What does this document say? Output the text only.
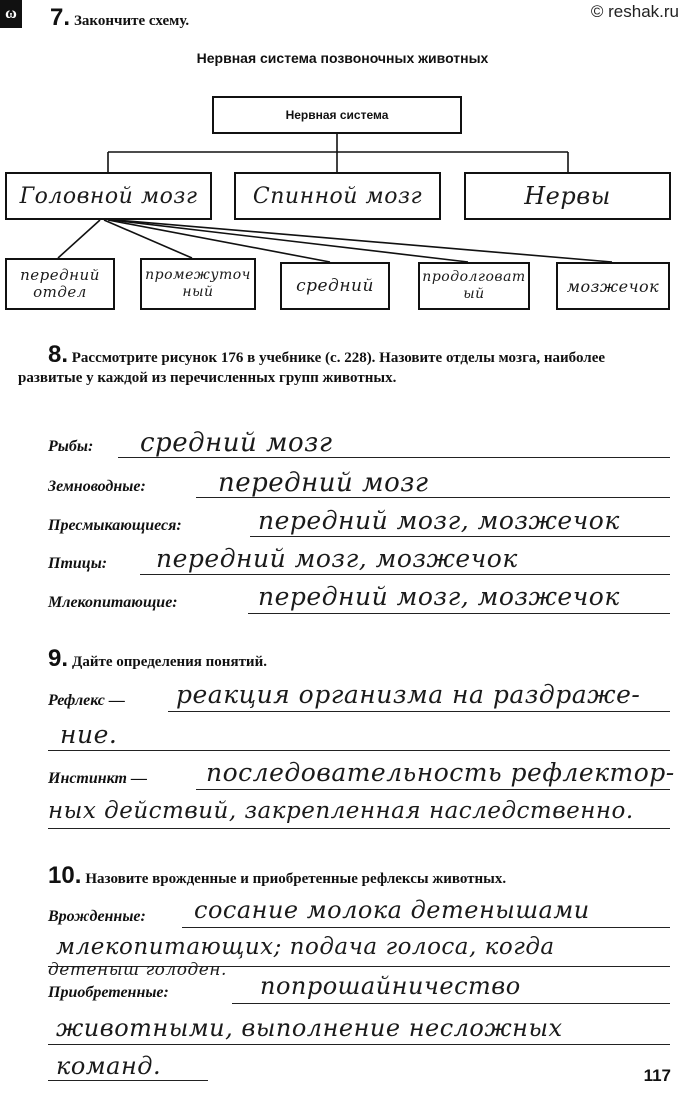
ω	© reshak.ru
7. Закончите схему.
Нервная система позвоночных животных
Нервная система
Головной мозг	Спинной мозг	Нервы
передний отдел
промежуточный	средний	продолговатый	мозжечок
8. Рассмотрите рисунок 176 в учебнике (с. 228). Назовите отделы мозга, наиболее развитые у каждой из перечисленных групп животных.
Рыбы: средний мозг
Земноводные:	передний мозг
Пресмыкающиеся:	передний мозг, мозжечок
Птицы: передний мозг, мозжечок
Млекопитающие:	передний мозг, мозжечок
9. Дайте определения понятий.
Рефлекс — реакция организма на раздраже-
ние.
Инстинкт — последовательность рефлектор-
ных действий, закрепленная наследственно.
10. Назовите врожденные и приобретенные рефлексы животных.
Врожденные: сосание молока детенышами
млекопитающих; подача голоса, когда
детеныш голоден.
Приобретенные:	попрошайничество
животными, выполнение несложных
команд.	117
